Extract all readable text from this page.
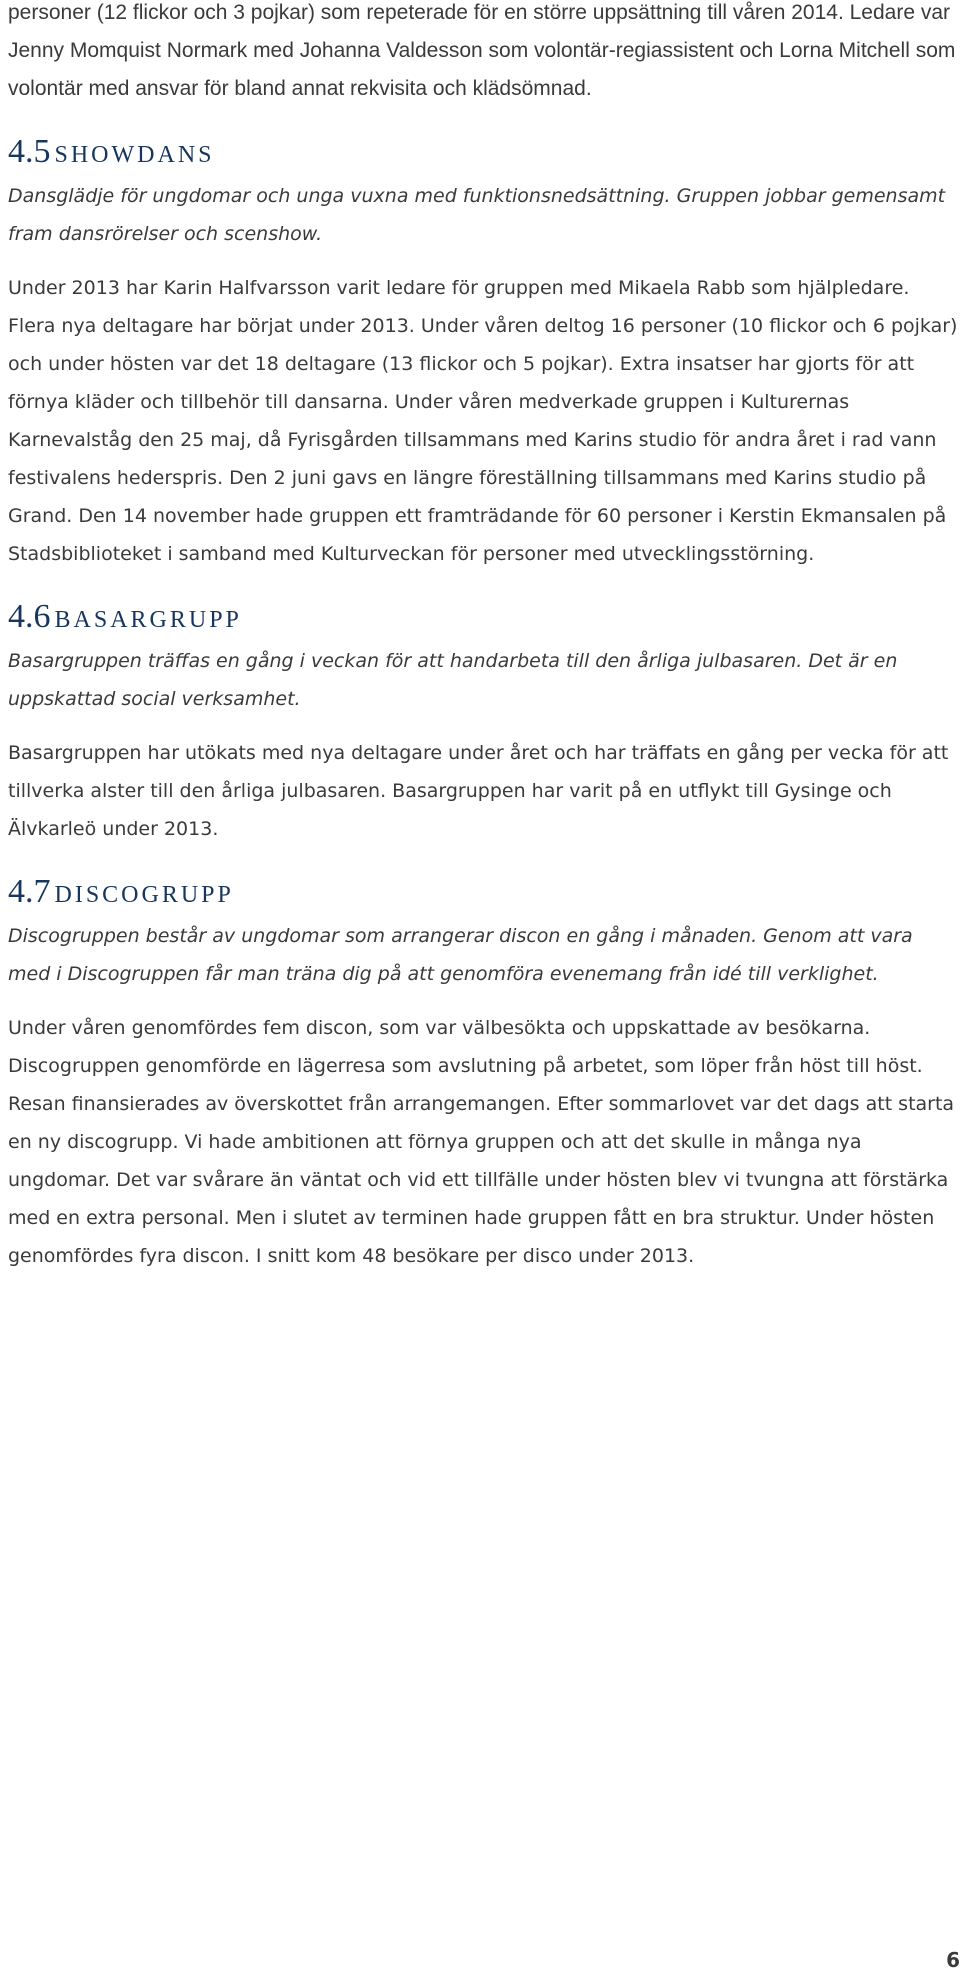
personer (12 flickor och 3 pojkar) som repeterade för en större uppsättning till våren 2014. Ledare var Jenny Momquist Normark med Johanna Valdesson som volontär-regiassistent och Lorna Mitchell som volontär med ansvar för bland annat rekvisita och klädsömnad.

4.5 SHOWDANS

Dansglädje för ungdomar och unga vuxna med funktionsnedsättning. Gruppen jobbar gemensamt fram dansrörelser och scenshow.

Under 2013 har Karin Halfvarsson varit ledare för gruppen med Mikaela Rabb som hjälpledare. Flera nya deltagare har börjat under 2013. Under våren deltog 16 personer (10 flickor och 6 pojkar) och under hösten var det 18 deltagare (13 flickor och 5 pojkar). Extra insatser har gjorts för att förnya kläder och tillbehör till dansarna. Under våren medverkade gruppen i Kulturernas Karnevalståg den 25 maj, då Fyrisgården tillsammans med Karins studio för andra året i rad vann festivalens hederspris. Den 2 juni gavs en längre föreställning tillsammans med Karins studio på Grand. Den 14 november hade gruppen ett framträdande för 60 personer i Kerstin Ekmansalen på Stadsbiblioteket i samband med Kulturveckan för personer med utvecklingsstörning.

4.6 BASARGRUPP

Basargruppen träffas en gång i veckan för att handarbeta till den årliga julbasaren. Det är en uppskattad social verksamhet.

Basargruppen har utökats med nya deltagare under året och har träffats en gång per vecka för att tillverka alster till den årliga julbasaren. Basargruppen har varit på en utflykt till Gysinge och Älvkarleö under 2013.

4.7 DISCOGRUPP

Discogruppen består av ungdomar som arrangerar discon en gång i månaden. Genom att vara med i Discogruppen får man träna dig på att genomföra evenemang från idé till verklighet.

Under våren genomfördes fem discon, som var välbesökta och uppskattade av besökarna. Discogruppen genomförde en lägerresa som avslutning på arbetet, som löper från höst till höst. Resan finansierades av överskottet från arrangemangen. Efter sommarlovet var det dags att starta en ny discogrupp. Vi hade ambitionen att förnya gruppen och att det skulle in många nya ungdomar. Det var svårare än väntat och vid ett tillfälle under hösten blev vi tvungna att förstärka med en extra personal. Men i slutet av terminen hade gruppen fått en bra struktur. Under hösten genomfördes fyra discon. I snitt kom 48 besökare per disco under 2013.

6
